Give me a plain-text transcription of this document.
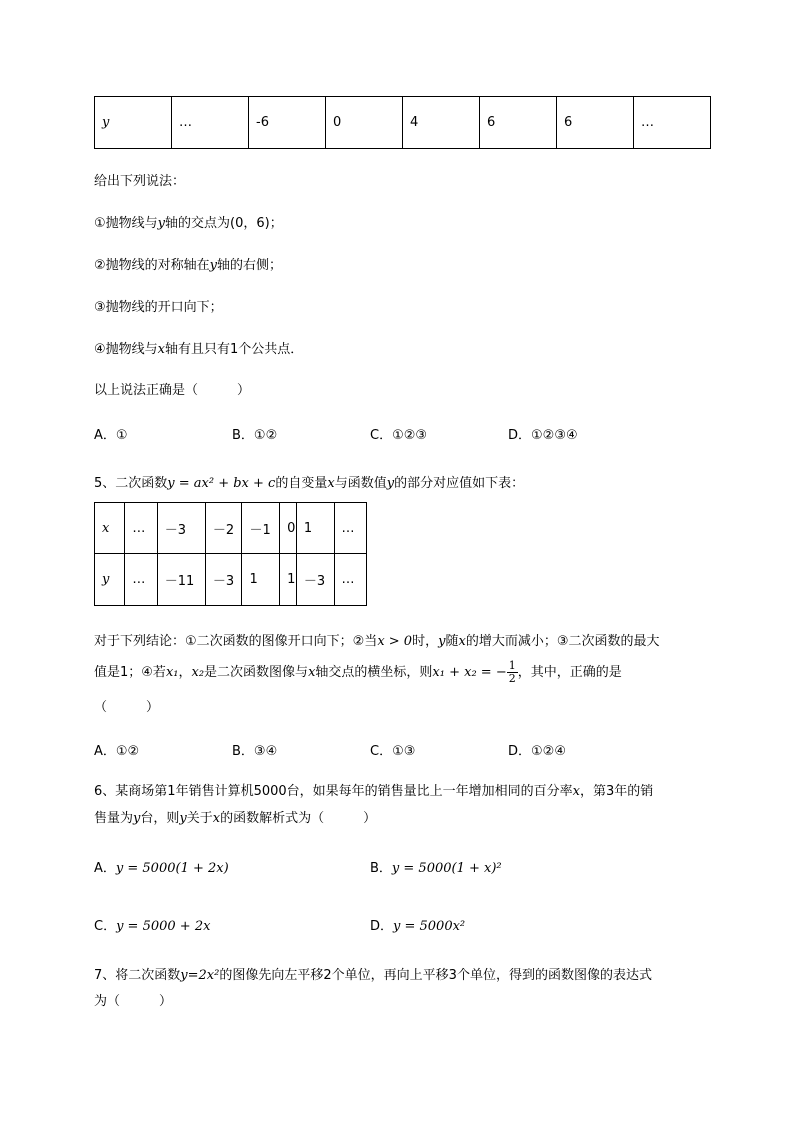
y	…	-6	0	4	6	6	…
给出下列说法：
①抛物线与y轴的交点为(0，6)；
②抛物线的对称轴在y轴的右侧；
③抛物线的开口向下；
④抛物线与x轴有且只有1个公共点．
以上说法正确是（　　　）
A．①	B．①②	C．①②③	D．①②③④
5、二次函数y = ax² + bx + c的自变量x与函数值y的部分对应值如下表：
x	…	－3	－2	－1	0	1	…
y	…	－11	－3	1	1	－3	…
对于下列结论：①二次函数的图像开口向下；②当x > 0时，y随x的增大而减小；③二次函数的最大
值是1；④若x₁，x₂是二次函数图像与x轴交点的横坐标，则x₁ + x₂ = − $\frac{1}{2}$ ，其中，正确的是
（　　　）
A．①②	B．③④	C．①③	D．①②④
6、某商场第1年销售计算机5000台，如果每年的销售量比上一年增加相同的百分率x，第3年的销
售量为y台，则y关于x的函数解析式为（　　　）
A．y = 5000(1 + 2x)	B．y = 5000(1 + x)²
C．y = 5000 + 2x	D．y = 5000x²
7、将二次函数y=2x²的图像先向左平移2个单位，再向上平移3个单位，得到的函数图像的表达式
为（　　　）
